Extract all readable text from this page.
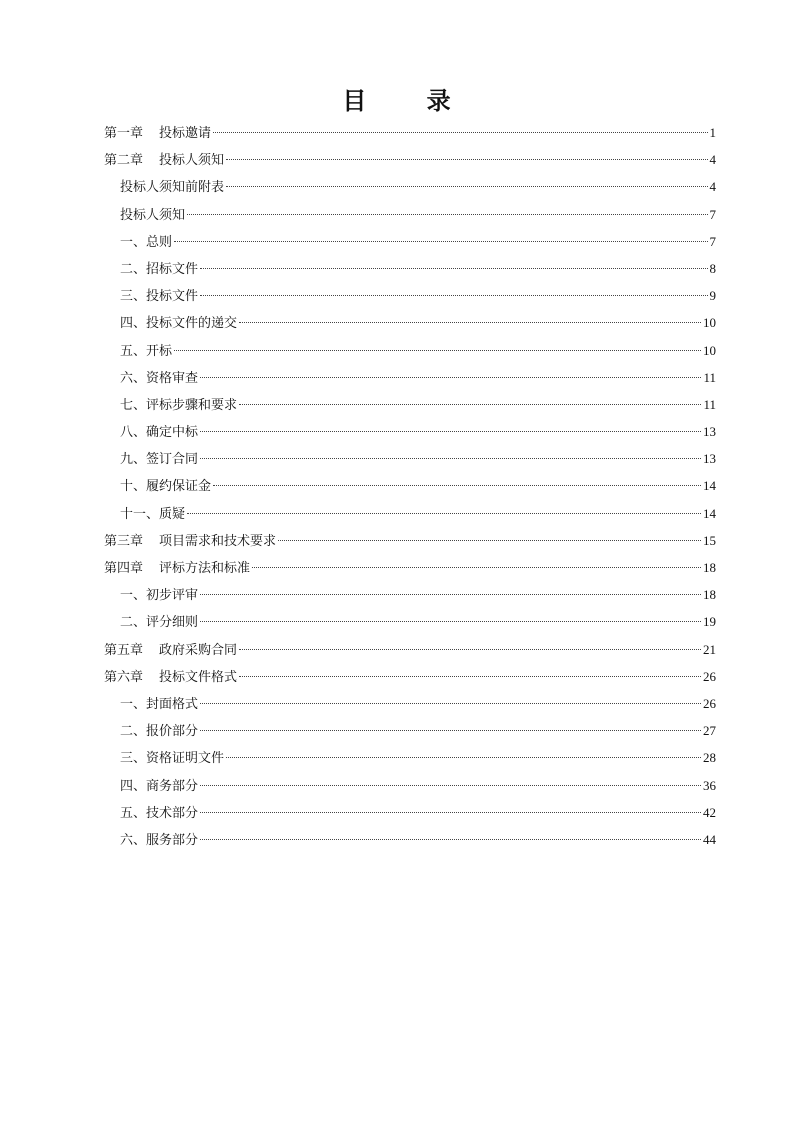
目 录
第一章 投标邀请	1
第二章 投标人须知	4
投标人须知前附表	4
投标人须知	7
一、总则	7
二、招标文件	8
三、投标文件	9
四、投标文件的递交	10
五、开标	10
六、资格审查	11
七、评标步骤和要求	11
八、确定中标	13
九、签订合同	13
十、履约保证金	14
十一、质疑	14
第三章 项目需求和技术要求	15
第四章 评标方法和标准	18
一、初步评审	18
二、评分细则	19
第五章 政府采购合同	21
第六章 投标文件格式	26
一、封面格式	26
二、报价部分	27
三、资格证明文件	28
四、商务部分	36
五、技术部分	42
六、服务部分	44
